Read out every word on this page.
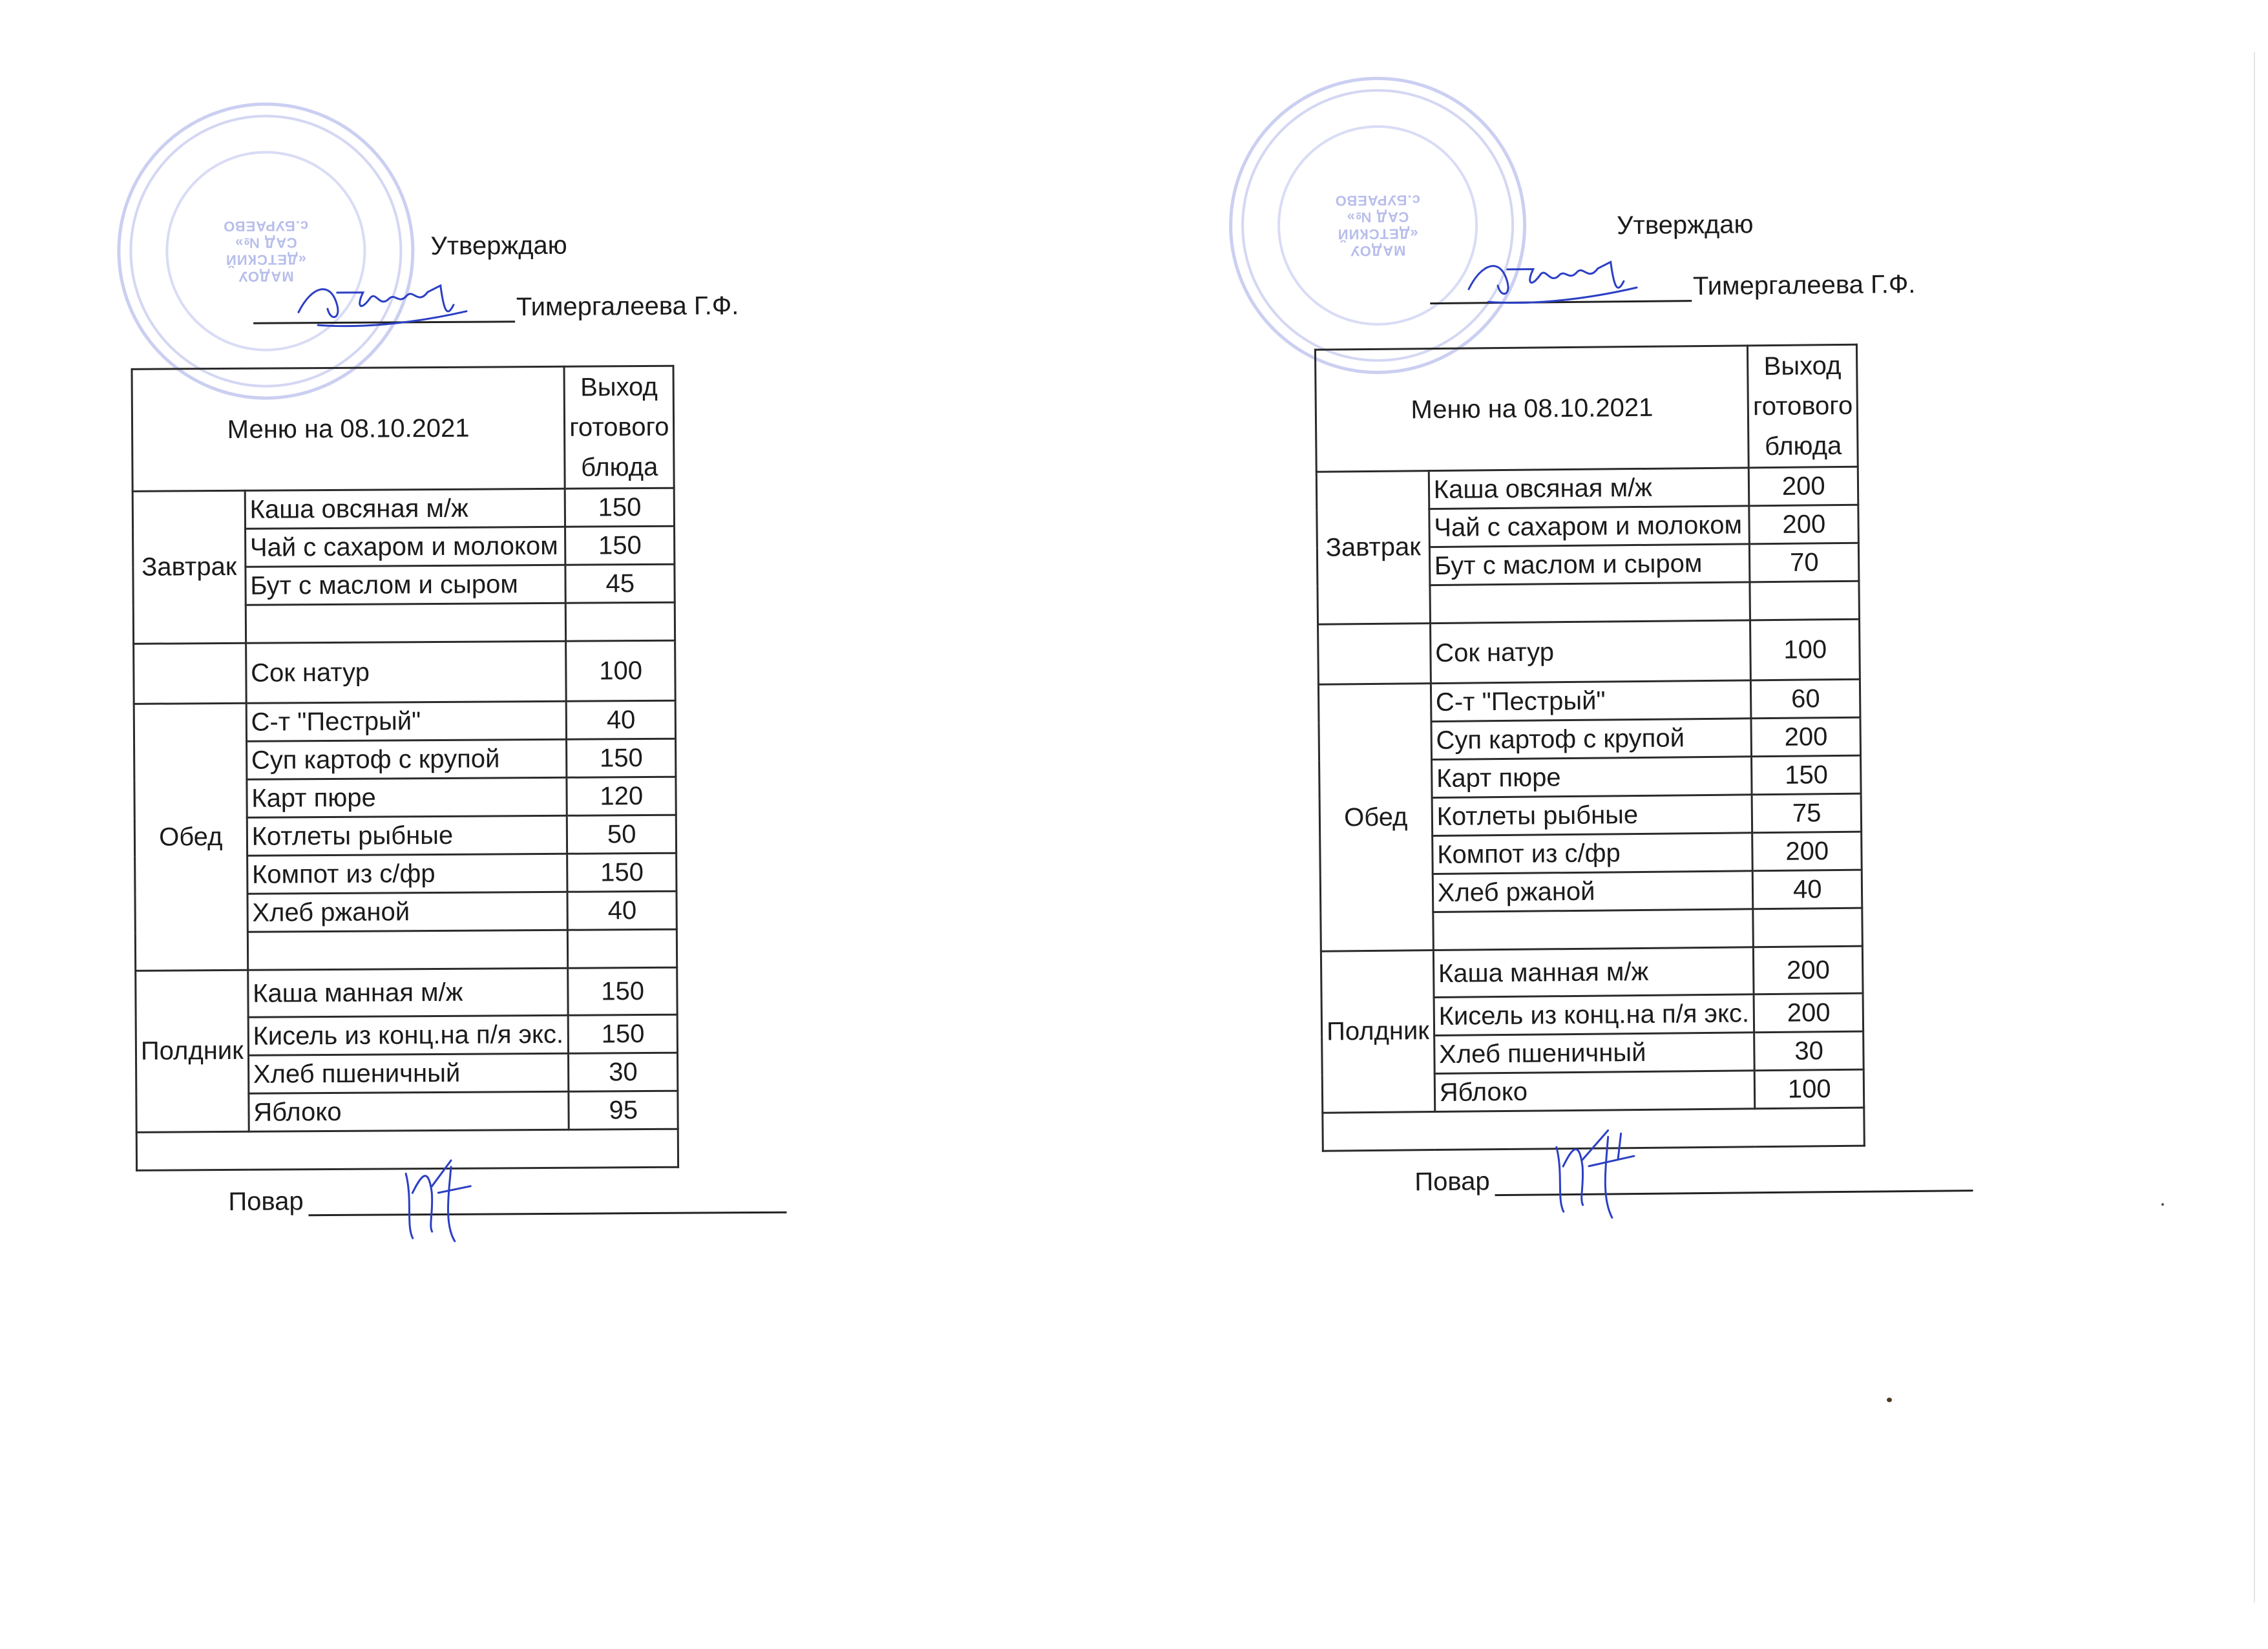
МАДОУ «ДЕТСКИЙ САД №» с.БУРАЕВО
Утверждаю
Тимергалеева Г.Ф.
Меню на 08.10.2021		Выход
готового
блюда

Завтрак	Каша овсяная м/ж	150
	Чай с сахаром и молоком	150
	Бут с маслом и сыром	45

	Сок натур	100
Обед	С-т "Пестрый"	40
	Суп картоф с крупой	150
	Карт пюре	120
	Котлеты рыбные	50
	Компот из с/фр	150
	Хлеб ржаной	40

Полдник	Каша манная м/ж	150
	Кисель из конц.на п/я экс.	150
	Хлеб пшеничный	30
	Яблоко	95

Повар		
МАДОУ «ДЕТСКИЙ САД №» с.БУРАЕВО
Утверждаю
Тимергалеева Г.Ф.
Меню на 08.10.2021		Выход
готового
блюда

Завтрак	Каша овсяная м/ж	200
	Чай с сахаром и молоком	200
	Бут с маслом и сыром	70

	Сок натур	100
Обед	С-т "Пестрый"	60
	Суп картоф с крупой	200
	Карт пюре	150
	Котлеты рыбные	75
	Компот из с/фр	200
	Хлеб ржаной	40

Полдник	Каша манная м/ж	200
	Кисель из конц.на п/я экс.	200
	Хлеб пшеничный	30
	Яблоко	100

Повар		
